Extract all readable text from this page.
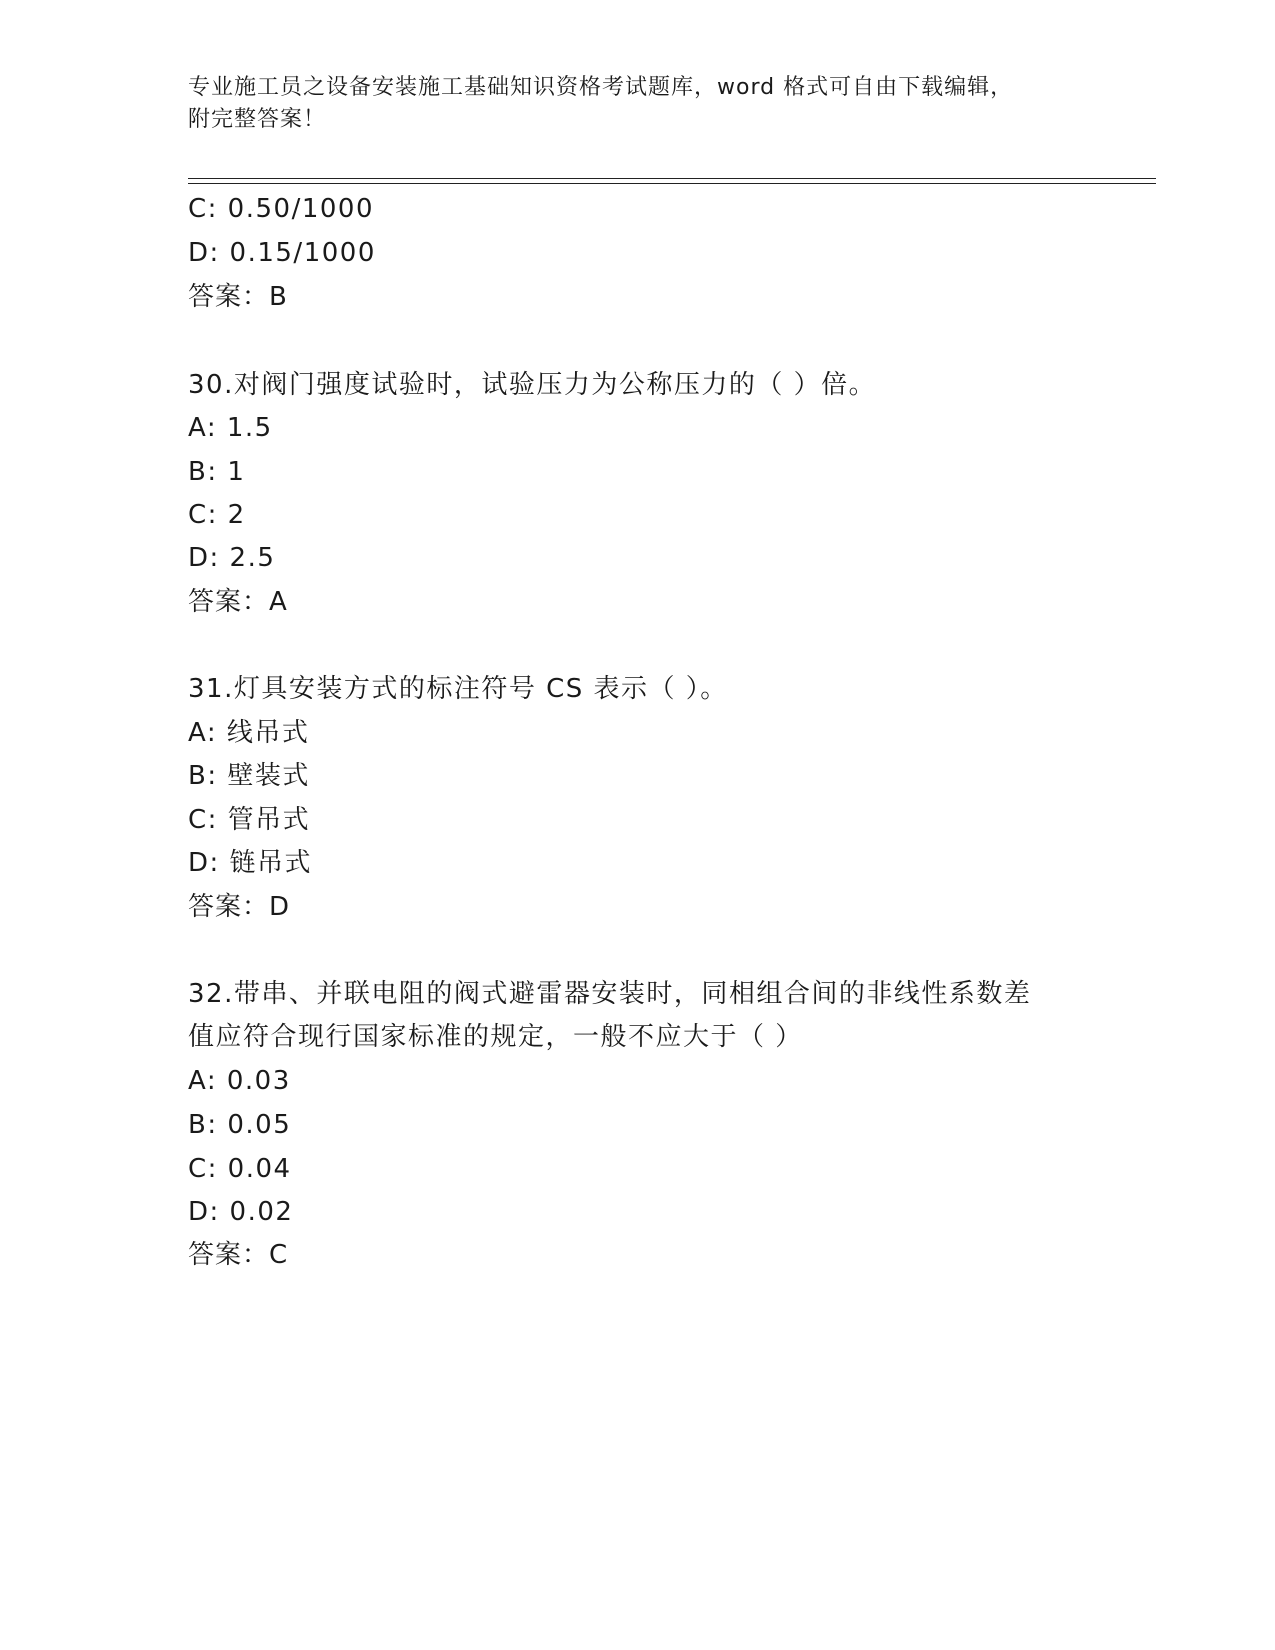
专业施工员之设备安装施工基础知识资格考试题库，word 格式可自由下载编辑，
附完整答案！
C: 0.50/1000
D: 0.15/1000
答案：B
30.对阀门强度试验时，试验压力为公称压力的（ ）倍。
A: 1.5
B: 1
C: 2
D: 2.5
答案：A
31.灯具安装方式的标注符号 CS 表示（ ）。
A: 线吊式
B: 壁装式
C: 管吊式
D: 链吊式
答案：D
32.带串、并联电阻的阀式避雷器安装时，同相组合间的非线性系数差
值应符合现行国家标准的规定，一般不应大于（ ）
A: 0.03
B: 0.05
C: 0.04
D: 0.02
答案：C
